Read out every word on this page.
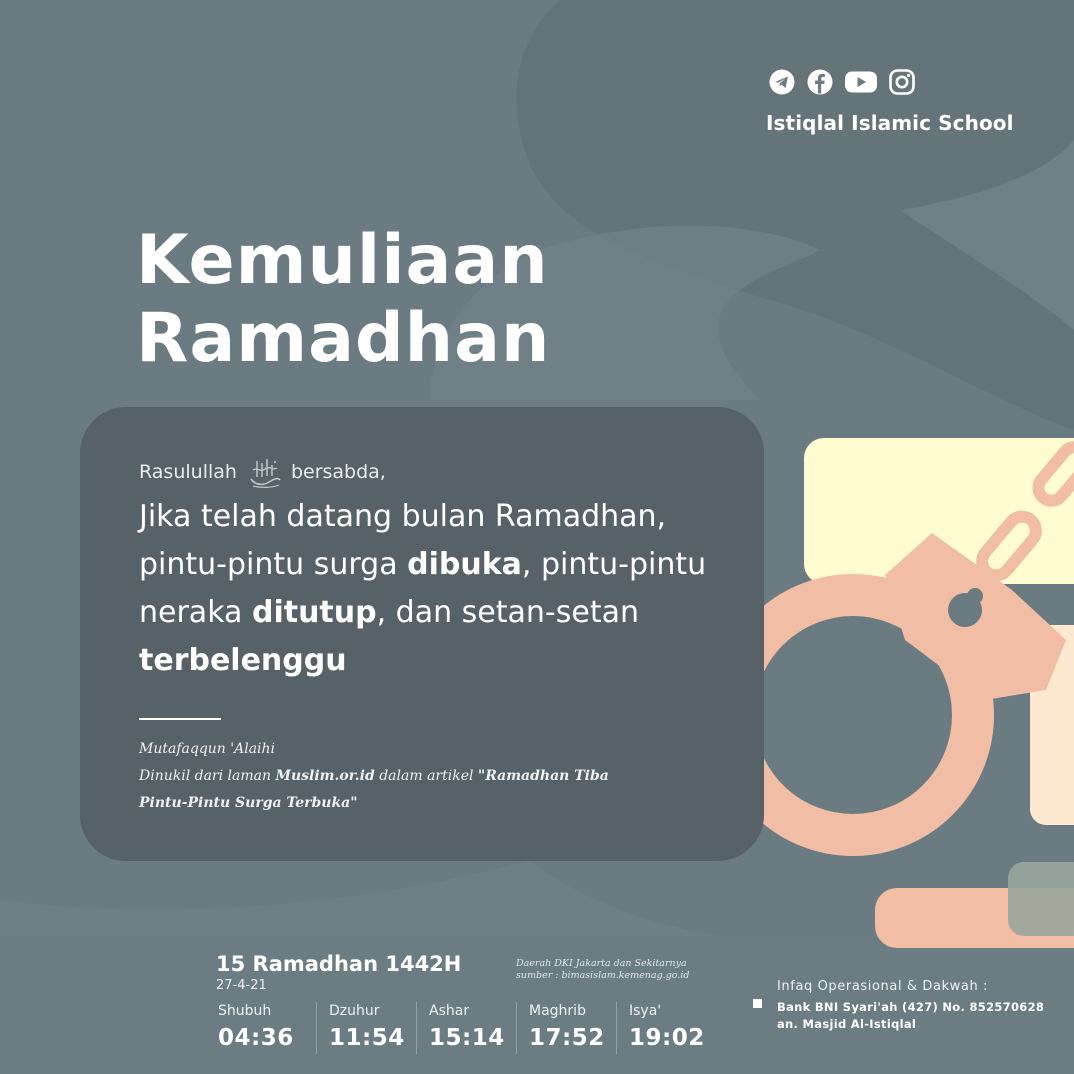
Istiqlal Islamic School
Kemuliaan
Ramadhan
Rasulullah	bersabda,

Jika telah datang bulan Ramadhan, pintu-pintu surga dibuka, pintu-pintu neraka ditutup, dan setan-setan
terbelenggu

Mutafaqqun 'Alaihi
Dinukil dari laman Muslim.or.id dalam artikel "Ramadhan Tiba
Pintu-Pintu Surga Terbuka"
15 Ramadhan 1442H
27-4-21
Daerah DKI Jakarta dan Sekitarnya
sumber : bimasislam.kemenag.go.id
Shubuh
04:36
Dzuhur
11:54
Ashar
15:14
Maghrib
17:52
Isya'
19:02
Infaq Operasional & Dakwah :
Bank BNI Syari'ah (427) No. 852570628
an. Masjid Al-Istiqlal
